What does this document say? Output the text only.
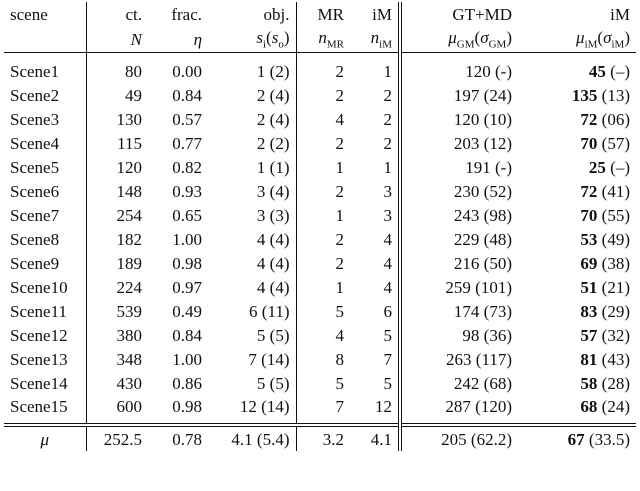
scene	ct.	frac.	obj.	MR	iM	GT+MD	iM
	N	η	$s_i(s_o)$	$n_{MR}$	$n_{iM}$	$\mu_{GM}(\sigma_{GM})$	$\mu_{iM}(\sigma_{iM})$
Scene1	80	0.00	1 (2)	2	1	120 (-)	45 (–)
Scene2	49	0.84	2 (4)	2	2	197 (24)	135 (13)
Scene3	130	0.57	2 (4)	4	2	120 (10)	72 (06)
Scene4	115	0.77	2 (2)	2	2	203 (12)	70 (57)
Scene5	120	0.82	1 (1)	1	1	191 (-)	25 (–)
Scene6	148	0.93	3 (4)	2	3	230 (52)	72 (41)
Scene7	254	0.65	3 (3)	1	3	243 (98)	70 (55)
Scene8	182	1.00	4 (4)	2	4	229 (48)	53 (49)
Scene9	189	0.98	4 (4)	2	4	216 (50)	69 (38)
Scene10	224	0.97	4 (4)	1	4	259 (101)	51 (21)
Scene11	539	0.49	6 (11)	5	6	174 (73)	83 (29)
Scene12	380	0.84	5 (5)	4	5	98 (36)	57 (32)
Scene13	348	1.00	7 (14)	8	7	263 (117)	81 (43)
Scene14	430	0.86	5 (5)	5	5	242 (68)	58 (28)
Scene15	600	0.98	12 (14)	7	12	287 (120)	68 (24)
μ	252.5	0.78	4.1 (5.4)	3.2	4.1	205 (62.2)	67 (33.5)
